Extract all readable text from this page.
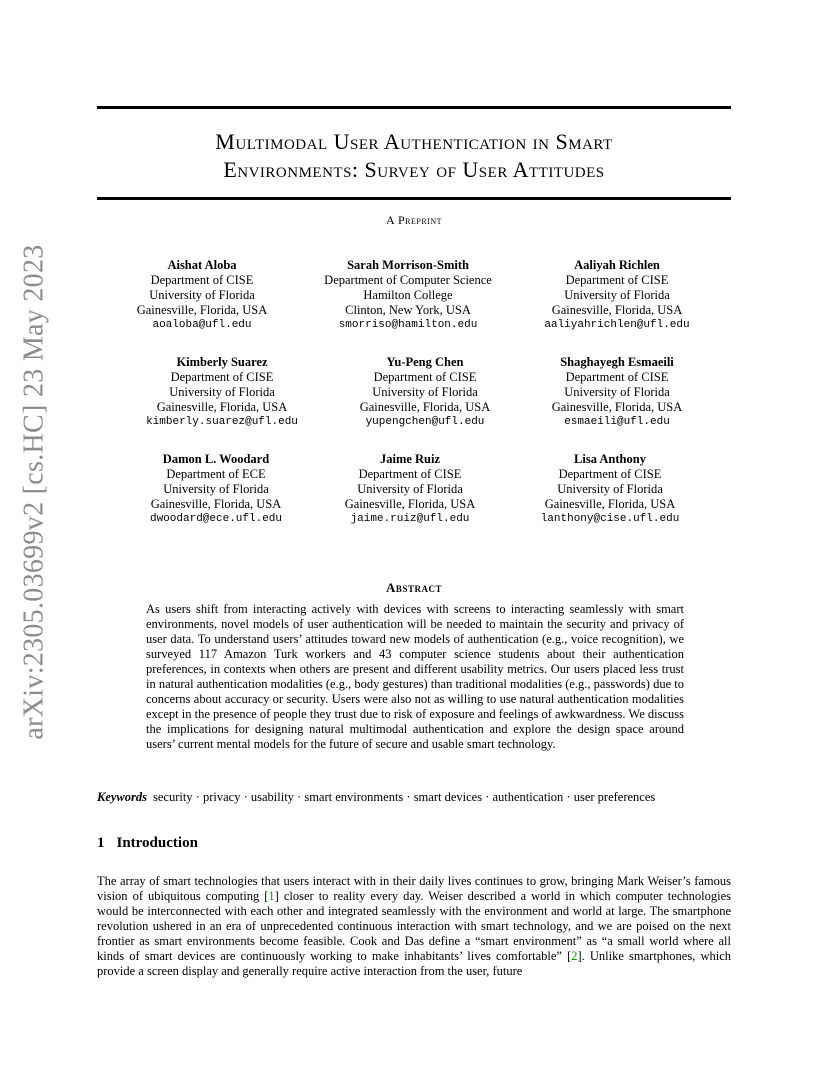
arXiv:2305.03699v2 [cs.HC] 23 May 2023
Multimodal User Authentication in Smart
Environments: Survey of User Attitudes
A Preprint
Aishat Aloba
Department of CISE
University of Florida
Gainesville, Florida, USA
aoaloba@ufl.edu
Sarah Morrison-Smith
Department of Computer Science
Hamilton College
Clinton, New York, USA
smorriso@hamilton.edu
Aaliyah Richlen
Department of CISE
University of Florida
Gainesville, Florida, USA
aaliyahrichlen@ufl.edu
Kimberly Suarez
Department of CISE
University of Florida
Gainesville, Florida, USA
kimberly.suarez@ufl.edu
Yu-Peng Chen
Department of CISE
University of Florida
Gainesville, Florida, USA
yupengchen@ufl.edu
Shaghayegh Esmaeili
Department of CISE
University of Florida
Gainesville, Florida, USA
esmaeili@ufl.edu
Damon L. Woodard
Department of ECE
University of Florida
Gainesville, Florida, USA
dwoodard@ece.ufl.edu
Jaime Ruiz
Department of CISE
University of Florida
Gainesville, Florida, USA
jaime.ruiz@ufl.edu
Lisa Anthony
Department of CISE
University of Florida
Gainesville, Florida, USA
lanthony@cise.ufl.edu
Abstract
As users shift from interacting actively with devices with screens to interacting seamlessly with smart environments, novel models of user authentication will be needed to maintain the security and privacy of user data. To understand users’ attitudes toward new models of authentication (e.g., voice recognition), we surveyed 117 Amazon Turk workers and 43 computer science students about their authentication preferences, in contexts when others are present and different usability metrics. Our users placed less trust in natural authentication modalities (e.g., body gestures) than traditional modalities (e.g., passwords) due to concerns about accuracy or security. Users were also not as willing to use natural authentication modalities except in the presence of people they trust due to risk of exposure and feelings of awkwardness. We discuss the implications for designing natural multimodal authentication and explore the design space around users’ current mental models for the future of secure and usable smart technology.
Keywords security · privacy · usability · smart environments · smart devices · authentication · user preferences
1 Introduction
The array of smart technologies that users interact with in their daily lives continues to grow, bringing Mark Weiser’s famous vision of ubiquitous computing [1] closer to reality every day. Weiser described a world in which computer technologies would be interconnected with each other and integrated seamlessly with the environment and world at large. The smartphone revolution ushered in an era of unprecedented continuous interaction with smart technology, and we are poised on the next frontier as smart environments become feasible. Cook and Das define a “smart environment” as “a small world where all kinds of smart devices are continuously working to make inhabitants’ lives comfortable” [2]. Unlike smartphones, which provide a screen display and generally require active interaction from the user, future
